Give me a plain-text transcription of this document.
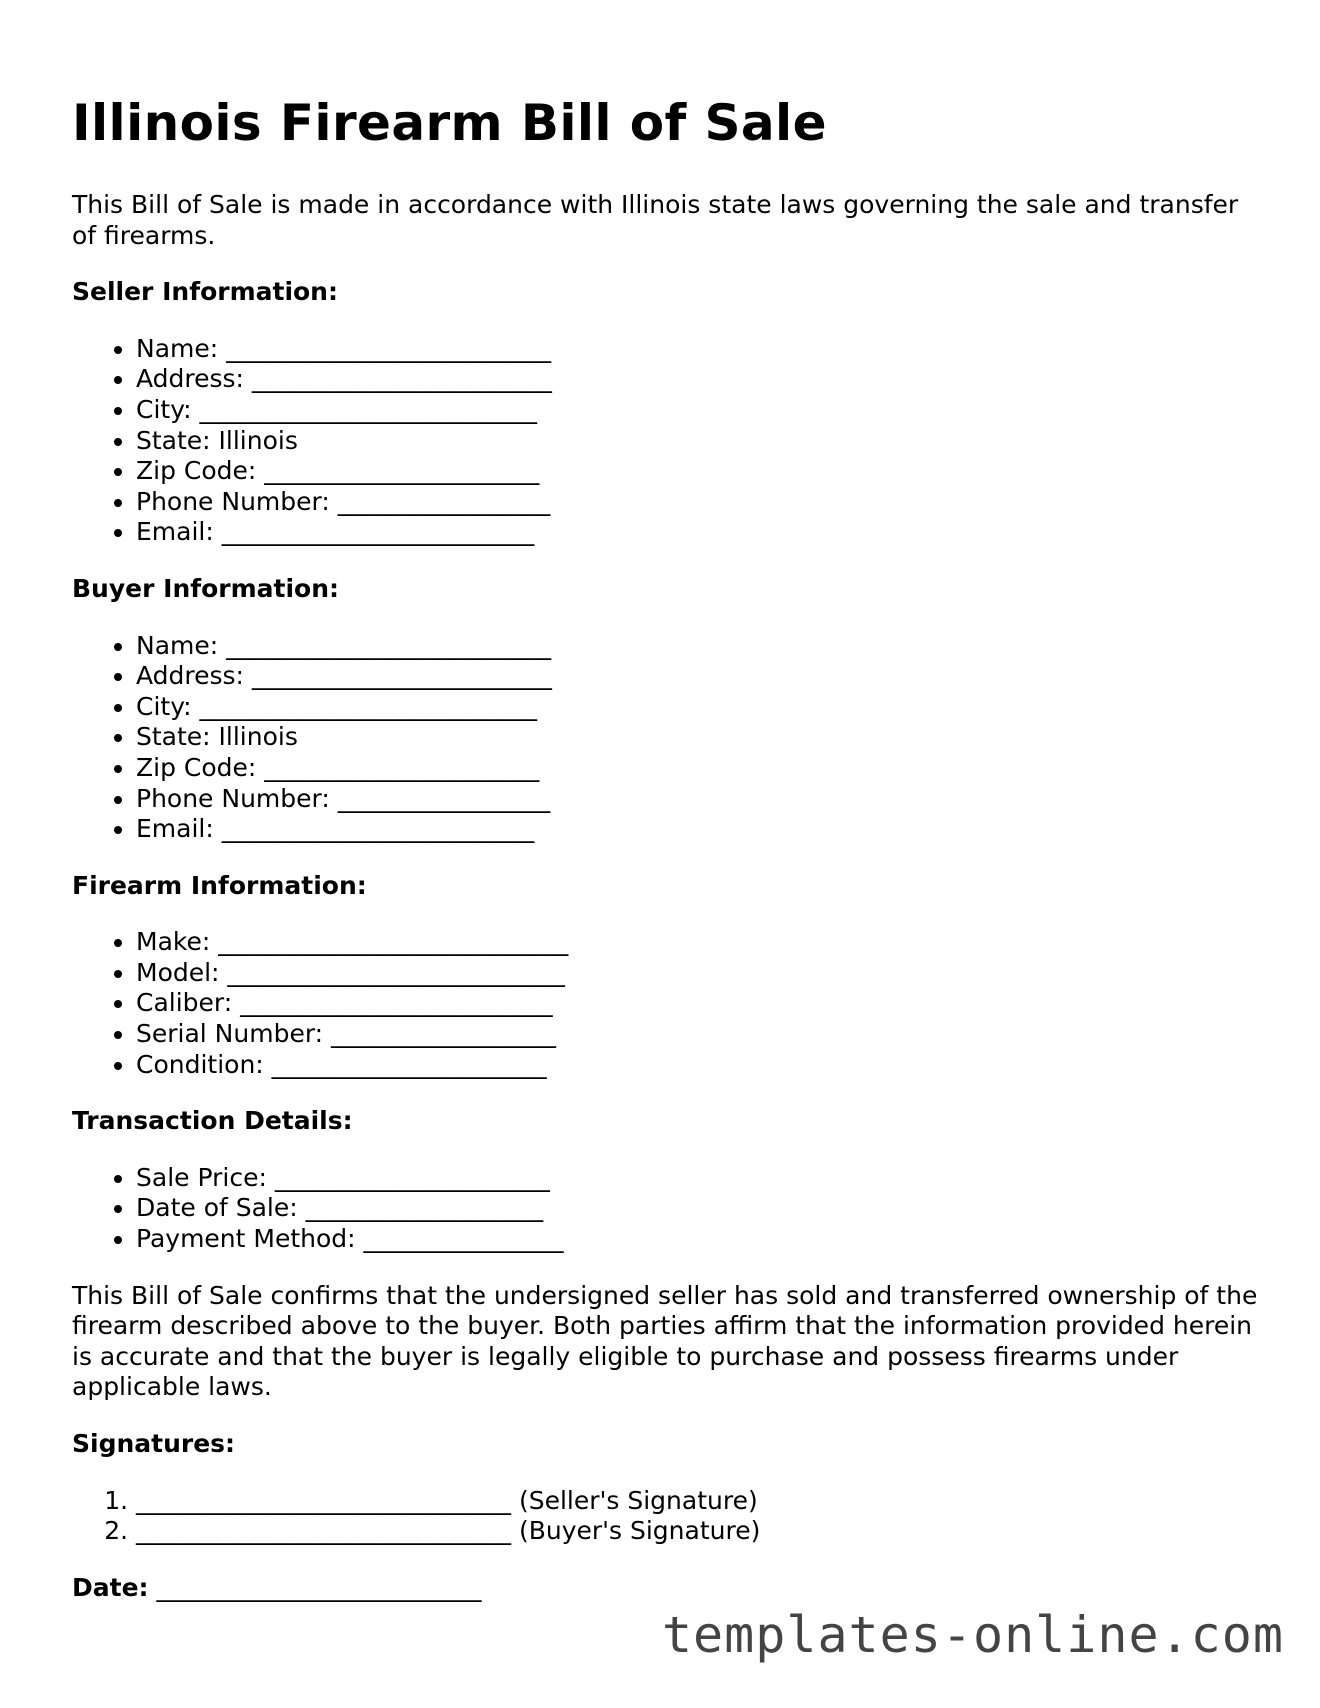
Illinois Firearm Bill of Sale

This Bill of Sale is made in accordance with Illinois state laws governing the sale and transfer of firearms.

Seller Information:
• Name: __________________________
• Address: ________________________
• City: ___________________________
• State: Illinois
• Zip Code: ______________________
• Phone Number: _________________
• Email: _________________________
Buyer Information:
• Name: __________________________
• Address: ________________________
• City: ___________________________
• State: Illinois
• Zip Code: ______________________
• Phone Number: _________________
• Email: _________________________
Firearm Information:
• Make: ____________________________
• Model: ___________________________
• Caliber: _________________________
• Serial Number: __________________
• Condition: ______________________
Transaction Details:
• Sale Price: ______________________
• Date of Sale: ___________________
• Payment Method: ________________

This Bill of Sale confirms that the undersigned seller has sold and transferred ownership of the firearm described above to the buyer. Both parties affirm that the information provided herein is accurate and that the buyer is legally eligible to purchase and possess firearms under applicable laws.

Signatures:
1. ______________________________ (Seller's Signature)
2. ______________________________ (Buyer's Signature)

Date: __________________________

templates-online.com
